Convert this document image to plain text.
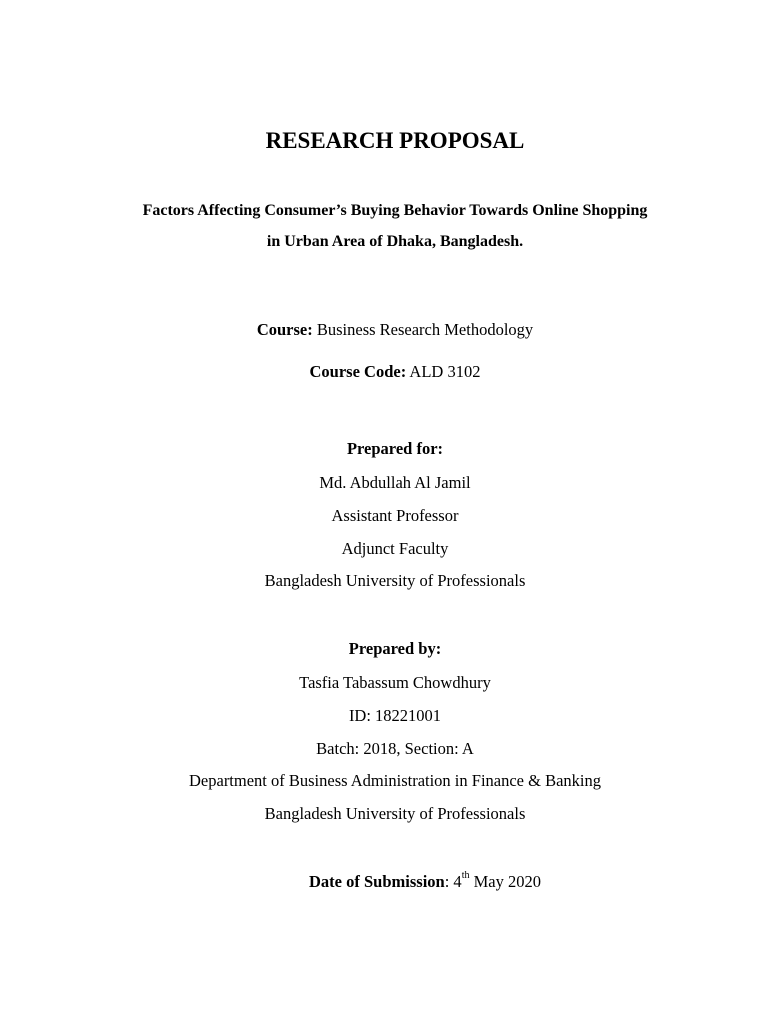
RESEARCH PROPOSAL
Factors Affecting Consumer’s Buying Behavior Towards Online Shopping
in Urban Area of Dhaka, Bangladesh.
Course: Business Research Methodology
Course Code: ALD 3102
Prepared for:
Md. Abdullah Al Jamil
Assistant Professor
Adjunct Faculty
Bangladesh University of Professionals
Prepared by:
Tasfia Tabassum Chowdhury
ID: 18221001
Batch: 2018, Section: A
Department of Business Administration in Finance & Banking
Bangladesh University of Professionals
Date of Submission: 4th May 2020
